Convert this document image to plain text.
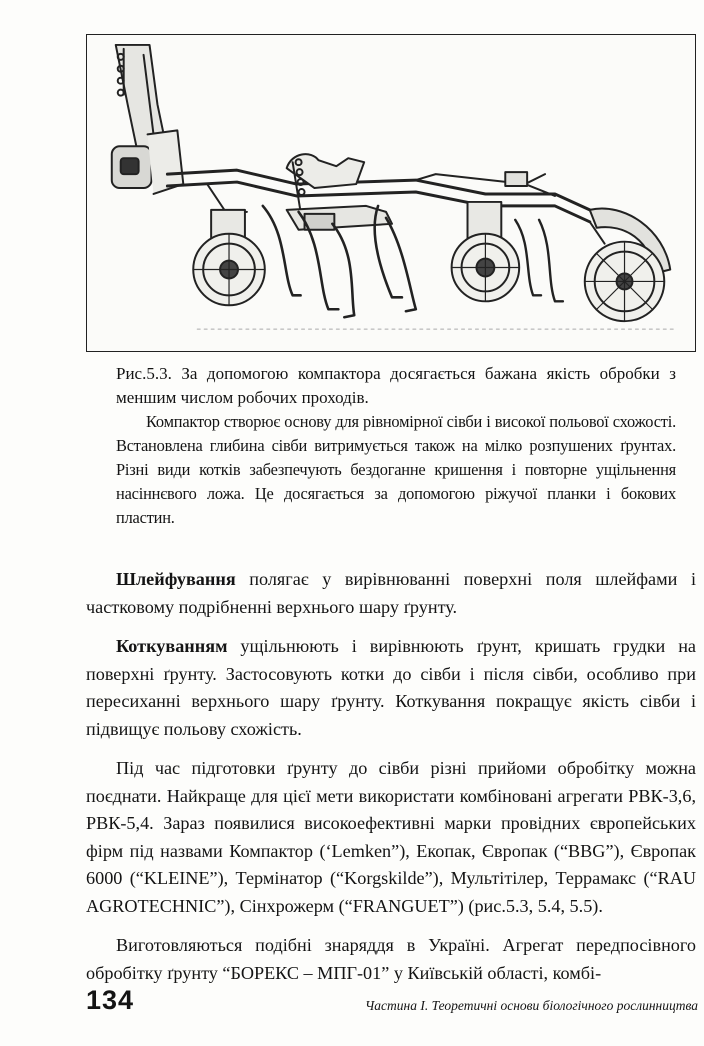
Рис.5.3. За допомогою компактора досягається бажана якість обробки з меншим числом робочих проходів.

Компактор створює основу для рівномірної сівби і високої польової схожості. Встановлена глибина сівби витримується також на мілко розпушених ґрунтах. Різні види котків забезпечують бездоганне кришення і повторне ущільнення насіннєвого ложа. Це досягається за допомогою ріжучої планки і бокових пластин.

Шлейфування полягає у вирівнюванні поверхні поля шлейфами і частковому подрібненні верхнього шару ґрунту.

Коткуванням ущільнюють і вирівнюють ґрунт, кришать грудки на поверхні ґрунту. Застосовують котки до сівби і після сівби, особливо при пересиханні верхнього шару ґрунту. Коткування покращує якість сівби і підвищує польову схожість.

Під час підготовки ґрунту до сівби різні прийоми обробітку можна поєднати. Найкраще для цієї мети використати комбіновані агрегати РВК-3,6, РВК-5,4. Зараз появилися високоефективні марки провідних європейських фірм під назвами Компактор (‘Lemken”), Екопак, Європак (“BBG”), Європак 6000 (“KLEINE”), Термінатор (“Korgskilde”), Мультітілер, Террамакс (“RAU AGROTECHNIC”), Сінхрожерм (“FRANGUET”) (рис.5.3, 5.4, 5.5).

Виготовляються подібні знаряддя в Україні. Агрегат передпосівного обробітку ґрунту “БОРЕКС – МПГ-01” у Київській області, комбі-

134	Частина І. Теоретичні основи біологічного рослинництва
